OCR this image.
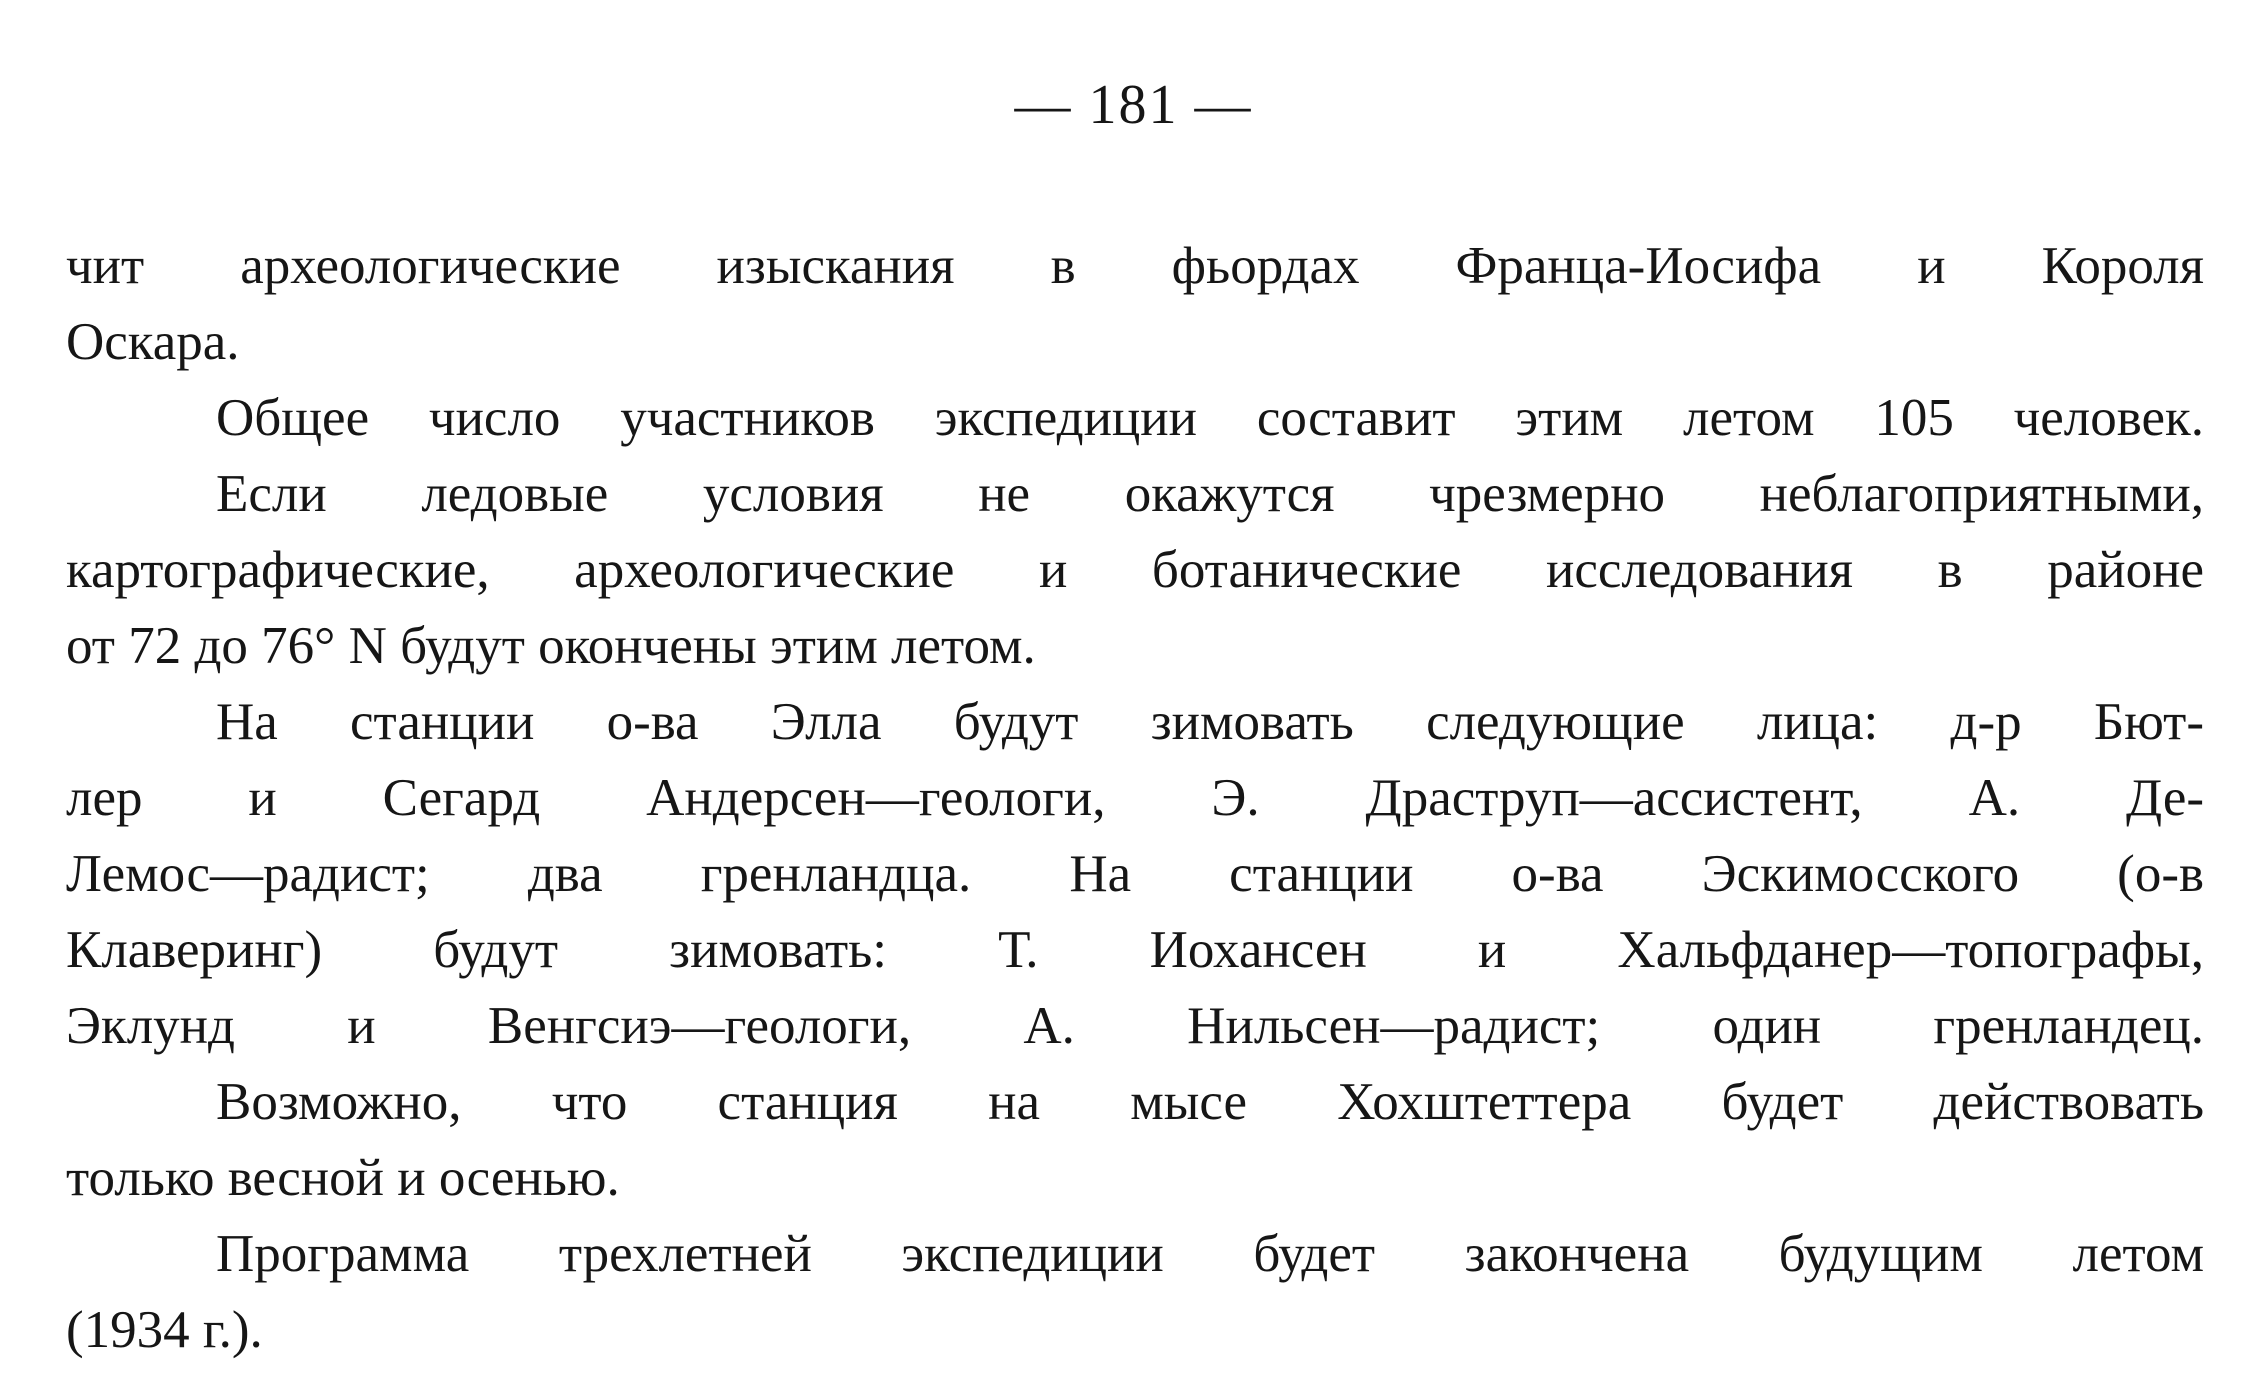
— 181 —
чит археологические изыскания в фьордах Франца-Иосифа и Короля
Оскара.
Общее число участников экспедиции составит этим летом 105 человек.
Если ледовые условия не окажутся чрезмерно неблагоприятными,
картографические, археологические и ботанические исследования в районе
от 72 до 76° N будут окончены этим летом.
На станции о-ва Элла будут зимовать следующие лица: д-р Бют-
лер и Сегард Андерсен—геологи, Э. Драструп—ассистент, А. Де-
Лемос—радист; два гренландца. На станции о-ва Эскимосского (о-в
Клаверинг) будут зимовать: Т. Иохансен и Хальфданер—топографы,
Эклунд и Венгсиэ—геологи, А. Нильсен—радист; один гренландец.
Возможно, что станция на мысе Хохштеттера будет действовать
только весной и осенью.
Программа трехлетней экспедиции будет закончена будущим летом
(1934 г.).
